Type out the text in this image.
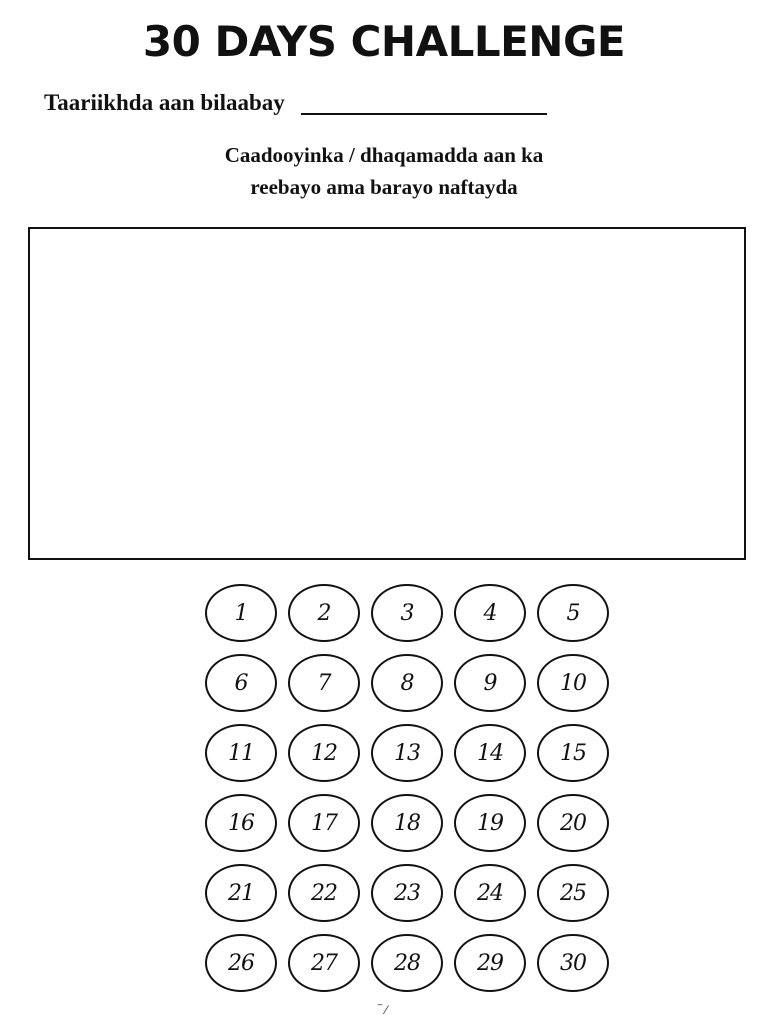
30 DAYS CHALLENGE
Taariikhda aan bilaabay
Caadooyinka / dhaqamadda aan ka
reebayo ama barayo naftayda
1	2	3	4	5
6	7	8	9	10
11	12	13	14	15
16	17	18	19	20
21	22	23	24	25
26	27	28	29	30
‾ ⁄
